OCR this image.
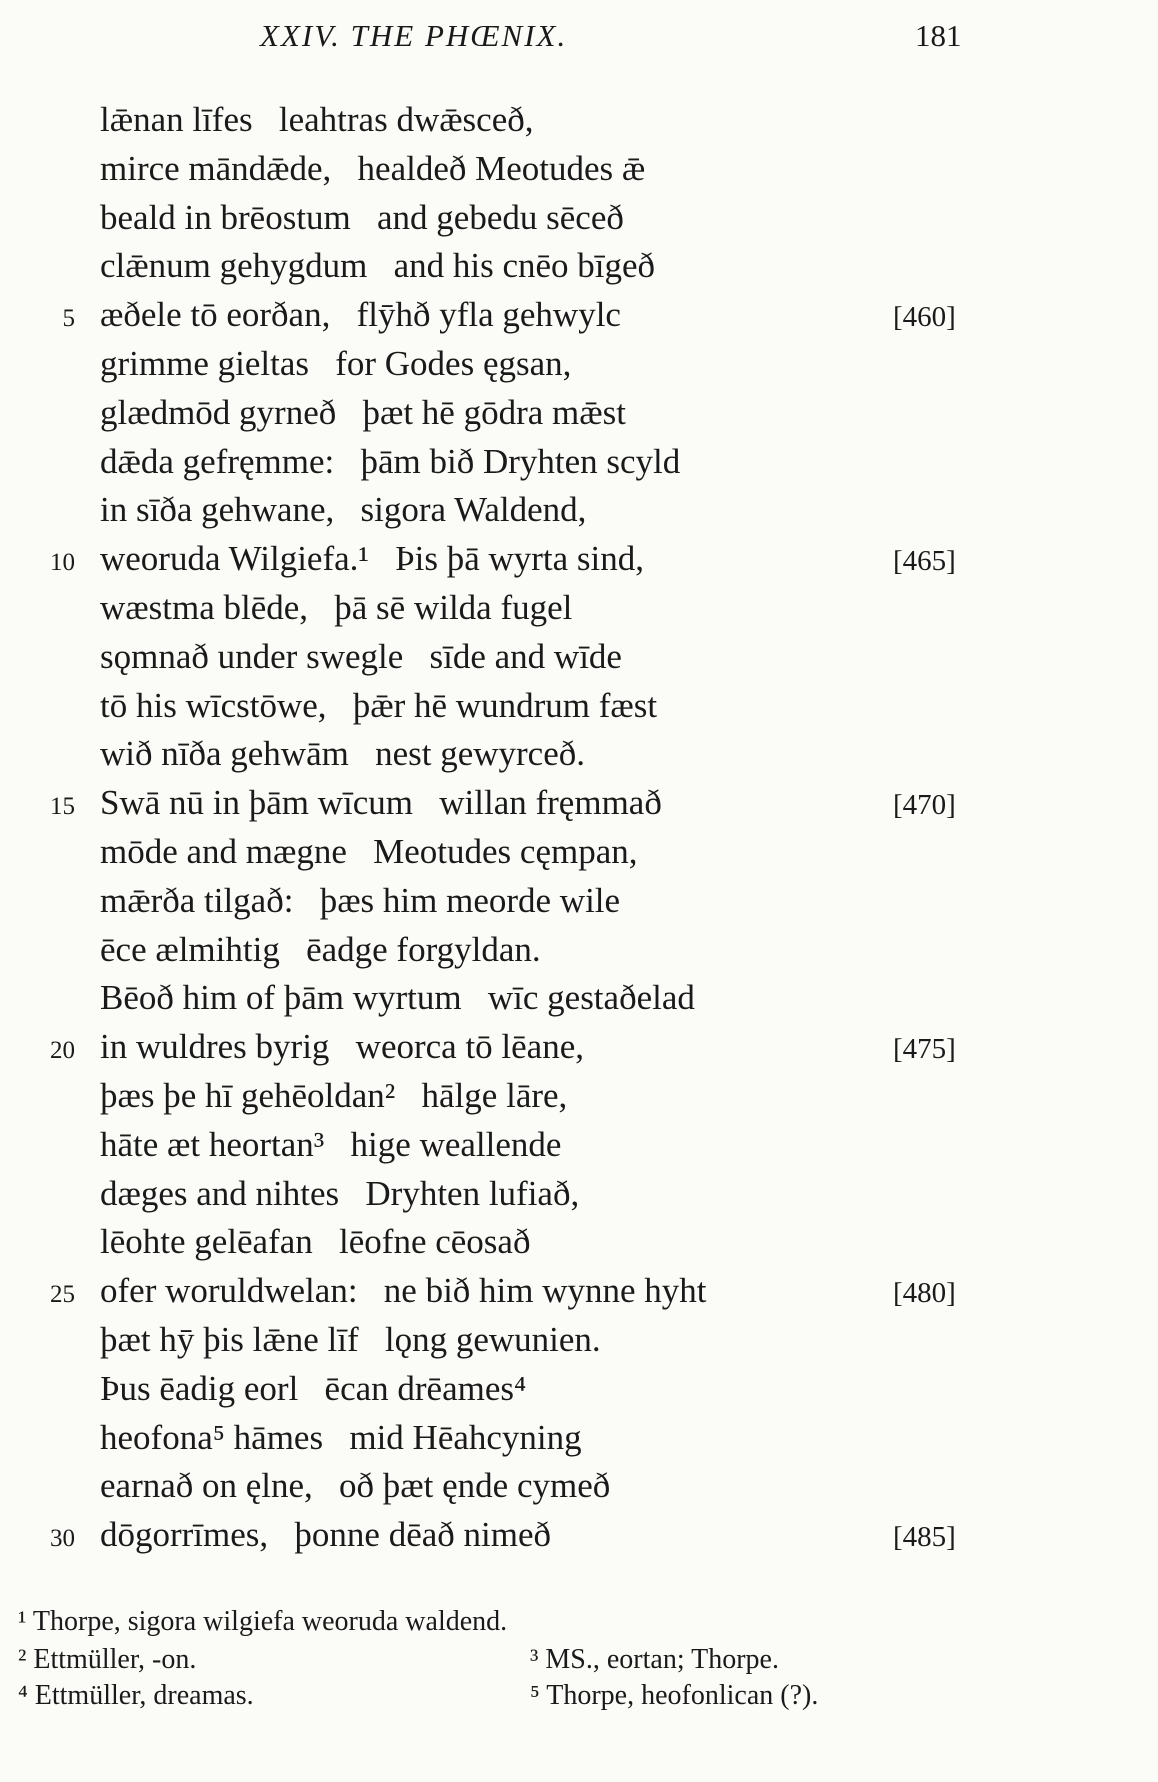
XXIV. THE PHŒNIX.	181
lǣnan līfes   leahtras dwǣsceð,
mirce māndǣde,   healdeð Meotudes ǣ
beald in brēostum   and gebedu sēceð
clǣnum gehygdum   and his cnēo bīgeð
5 æðele tō eorðan,   flȳhð yfla gehwylc	[460]
grimme gieltas   for Godes ęgsan,
glædmōd gyrneð   þæt hē gōdra mǣst
dǣda gefręmme:   þām bið Dryhten scyld
in sīða gehwane,   sigora Waldend,
10 weoruda Wilgiefa.¹   Þis þā wyrta sind,	[465]
wæstma blēde,   þā sē wilda fugel
sǫmnað under swegle   sīde and wīde
tō his wīcstōwe,   þǣr hē wundrum fæst
wið nīða gehwām   nest gewyrceð.
15 Swā nū in þām wīcum   willan fręmmað	[470]
mōde and mægne   Meotudes cęmpan,
mǣrða tilgað:   þæs him meorde wile
ēce ælmihtig   ēadge forgyldan.
Bēoð him of þām wyrtum   wīc gestaðelad
20 in wuldres byrig   weorca tō lēane,	[475]
þæs þe hī gehēoldan²   hālge lāre,
hāte æt heortan³   hige weallende
dæges and nihtes   Dryhten lufiað,
lēohte gelēafan   lēofne cēosað
25 ofer woruldwelan:   ne bið him wynne hyht	[480]
þæt hȳ þis lǣne līf   lǫng gewunien.
Þus ēadig eorl   ēcan drēames⁴
heofona⁵ hāmes   mid Hēahcyning
earnað on ęlne,   oð þæt ęnde cymeð
30 dōgorrīmes,   þonne dēað nimeð	[485]
¹ Thorpe, sigora wilgiefa weoruda waldend.
² Ettmüller, -on.	³ MS., eortan; Thorpe.
⁴ Ettmüller, dreamas.	⁵ Thorpe, heofonlican (?).
